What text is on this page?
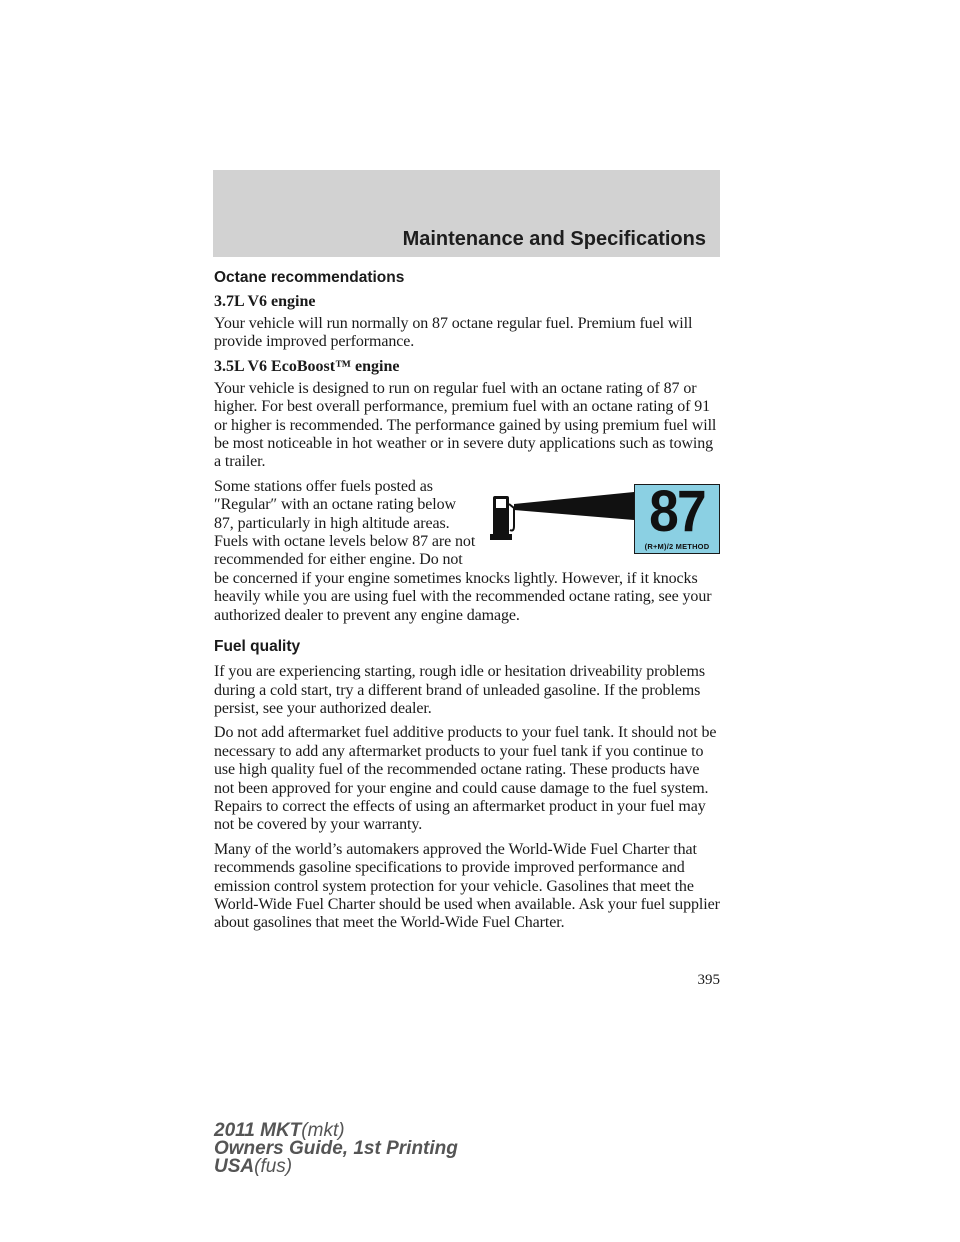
Maintenance and Specifications
Octane recommendations
3.7L V6 engine

Your vehicle will run normally on 87 octane regular fuel. Premium fuel will provide improved performance.

3.5L V6 EcoBoost™ engine

Your vehicle is designed to run on regular fuel with an octane rating of 87 or higher. For best overall performance, premium fuel with an octane rating of 91 or higher is recommended. The performance gained by using premium fuel will be most noticeable in hot weather or in severe duty applications such as towing a trailer.

87
(R+M)/2 METHOD

Some stations offer fuels posted as ″Regular″ with an octane rating below 87, particularly in high altitude areas. Fuels with octane levels below 87 are not recommended for either engine. Do not be concerned if your engine sometimes knocks lightly. However, if it knocks heavily while you are using fuel with the recommended octane rating, see your authorized dealer to prevent any engine damage.

Fuel quality

If you are experiencing starting, rough idle or hesitation driveability problems during a cold start, try a different brand of unleaded gasoline. If the problems persist, see your authorized dealer.

Do not add aftermarket fuel additive products to your fuel tank. It should not be necessary to add any aftermarket products to your fuel tank if you continue to use high quality fuel of the recommended octane rating. These products have not been approved for your engine and could cause damage to the fuel system. Repairs to correct the effects of using an aftermarket product in your fuel may not be covered by your warranty.

Many of the world’s automakers approved the World-Wide Fuel Charter that recommends gasoline specifications to provide improved performance and emission control system protection for your vehicle. Gasolines that meet the World-Wide Fuel Charter should be used when available. Ask your fuel supplier about gasolines that meet the World-Wide Fuel Charter.

395
2011 MKT(mkt)
Owners Guide, 1st Printing
USA(fus)
